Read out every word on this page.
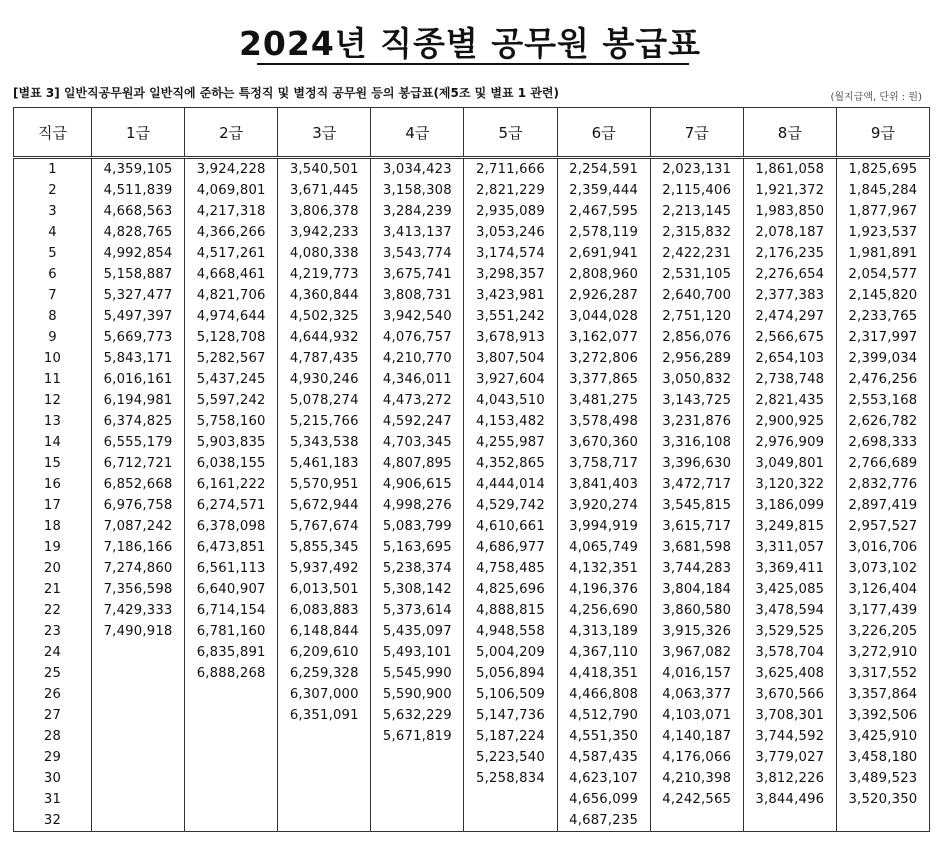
2024년 직종별 공무원 봉급표
[별표 3] 일반직공무원과 일반직에 준하는 특정직 및 별정직 공무원 등의 봉급표(제5조 및 별표 1 관련)	(월지급액, 단위 : 원)
직급	1급	2급	3급	4급	5급	6급	7급	8급	9급
1	4,359,105	3,924,228	3,540,501	3,034,423	2,711,666	2,254,591	2,023,131	1,861,058	1,825,695
2	4,511,839	4,069,801	3,671,445	3,158,308	2,821,229	2,359,444	2,115,406	1,921,372	1,845,284
3	4,668,563	4,217,318	3,806,378	3,284,239	2,935,089	2,467,595	2,213,145	1,983,850	1,877,967
4	4,828,765	4,366,266	3,942,233	3,413,137	3,053,246	2,578,119	2,315,832	2,078,187	1,923,537
5	4,992,854	4,517,261	4,080,338	3,543,774	3,174,574	2,691,941	2,422,231	2,176,235	1,981,891
6	5,158,887	4,668,461	4,219,773	3,675,741	3,298,357	2,808,960	2,531,105	2,276,654	2,054,577
7	5,327,477	4,821,706	4,360,844	3,808,731	3,423,981	2,926,287	2,640,700	2,377,383	2,145,820
8	5,497,397	4,974,644	4,502,325	3,942,540	3,551,242	3,044,028	2,751,120	2,474,297	2,233,765
9	5,669,773	5,128,708	4,644,932	4,076,757	3,678,913	3,162,077	2,856,076	2,566,675	2,317,997
10	5,843,171	5,282,567	4,787,435	4,210,770	3,807,504	3,272,806	2,956,289	2,654,103	2,399,034
11	6,016,161	5,437,245	4,930,246	4,346,011	3,927,604	3,377,865	3,050,832	2,738,748	2,476,256
12	6,194,981	5,597,242	5,078,274	4,473,272	4,043,510	3,481,275	3,143,725	2,821,435	2,553,168
13	6,374,825	5,758,160	5,215,766	4,592,247	4,153,482	3,578,498	3,231,876	2,900,925	2,626,782
14	6,555,179	5,903,835	5,343,538	4,703,345	4,255,987	3,670,360	3,316,108	2,976,909	2,698,333
15	6,712,721	6,038,155	5,461,183	4,807,895	4,352,865	3,758,717	3,396,630	3,049,801	2,766,689
16	6,852,668	6,161,222	5,570,951	4,906,615	4,444,014	3,841,403	3,472,717	3,120,322	2,832,776
17	6,976,758	6,274,571	5,672,944	4,998,276	4,529,742	3,920,274	3,545,815	3,186,099	2,897,419
18	7,087,242	6,378,098	5,767,674	5,083,799	4,610,661	3,994,919	3,615,717	3,249,815	2,957,527
19	7,186,166	6,473,851	5,855,345	5,163,695	4,686,977	4,065,749	3,681,598	3,311,057	3,016,706
20	7,274,860	6,561,113	5,937,492	5,238,374	4,758,485	4,132,351	3,744,283	3,369,411	3,073,102
21	7,356,598	6,640,907	6,013,501	5,308,142	4,825,696	4,196,376	3,804,184	3,425,085	3,126,404
22	7,429,333	6,714,154	6,083,883	5,373,614	4,888,815	4,256,690	3,860,580	3,478,594	3,177,439
23	7,490,918	6,781,160	6,148,844	5,435,097	4,948,558	4,313,189	3,915,326	3,529,525	3,226,205
24		6,835,891	6,209,610	5,493,101	5,004,209	4,367,110	3,967,082	3,578,704	3,272,910
25		6,888,268	6,259,328	5,545,990	5,056,894	4,418,351	4,016,157	3,625,408	3,317,552
26			6,307,000	5,590,900	5,106,509	4,466,808	4,063,377	3,670,566	3,357,864
27			6,351,091	5,632,229	5,147,736	4,512,790	4,103,071	3,708,301	3,392,506
28				5,671,819	5,187,224	4,551,350	4,140,187	3,744,592	3,425,910
29					5,223,540	4,587,435	4,176,066	3,779,027	3,458,180
30					5,258,834	4,623,107	4,210,398	3,812,226	3,489,523
31						4,656,099	4,242,565	3,844,496	3,520,350
32						4,687,235			
